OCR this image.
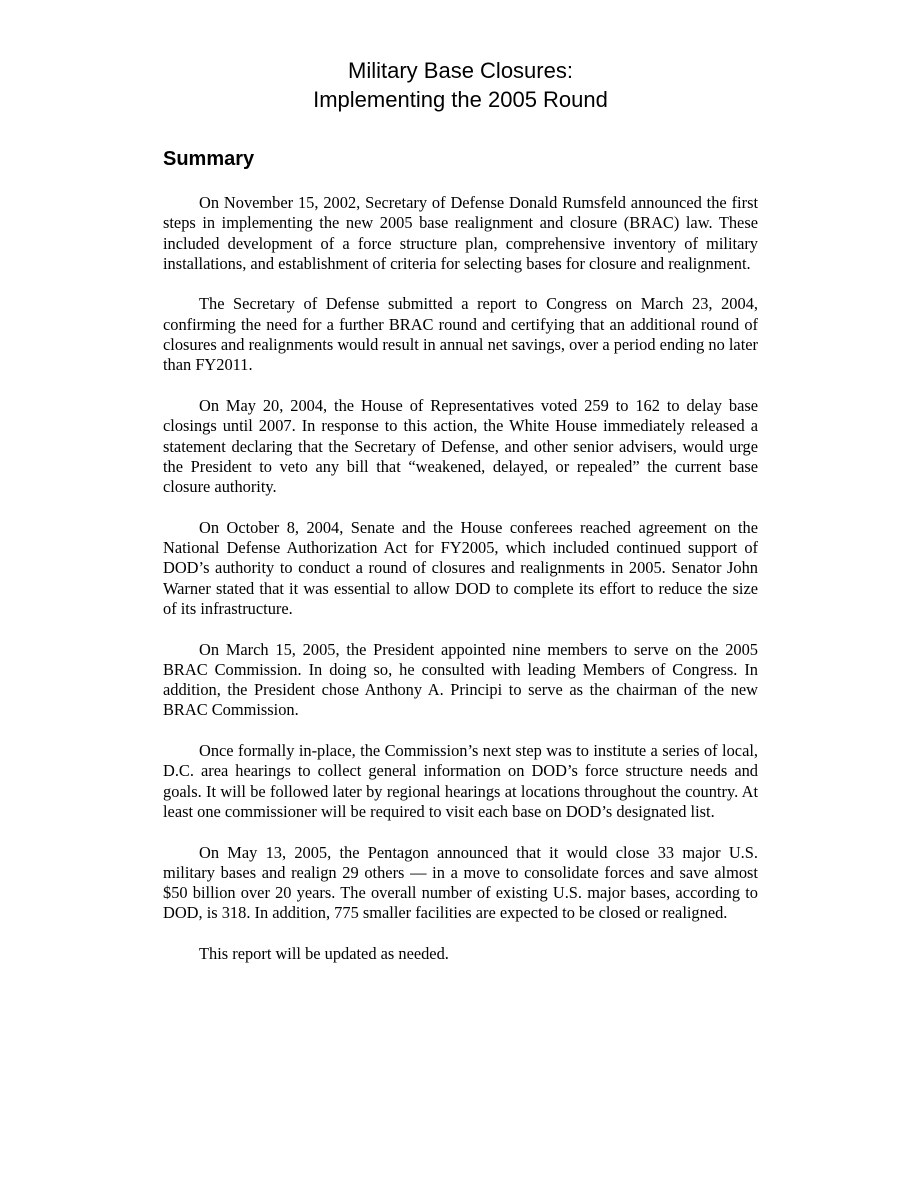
Military Base Closures:
Implementing the 2005 Round
Summary

On November 15, 2002, Secretary of Defense Donald Rumsfeld announced the first steps in implementing the new 2005 base realignment and closure (BRAC) law. These included development of a force structure plan, comprehensive inventory of military installations, and establishment of criteria for selecting bases for closure and realignment.

The Secretary of Defense submitted a report to Congress on March 23, 2004, confirming the need for a further BRAC round and certifying that an additional round of closures and realignments would result in annual net savings, over a period ending no later than FY2011.

On May 20, 2004, the House of Representatives voted 259 to 162 to delay base closings until 2007. In response to this action, the White House immediately released a statement declaring that the Secretary of Defense, and other senior advisers, would urge the President to veto any bill that “weakened, delayed, or repealed” the current base closure authority.

On October 8, 2004, Senate and the House conferees reached agreement on the National Defense Authorization Act for FY2005, which included continued support of DOD’s authority to conduct a round of closures and realignments in 2005. Senator John Warner stated that it was essential to allow DOD to complete its effort to reduce the size of its infrastructure.

On March 15, 2005, the President appointed nine members to serve on the 2005 BRAC Commission. In doing so, he consulted with leading Members of Congress. In addition, the President chose Anthony A. Principi to serve as the chairman of the new BRAC Commission.

Once formally in-place, the Commission’s next step was to institute a series of local, D.C. area hearings to collect general information on DOD’s force structure needs and goals. It will be followed later by regional hearings at locations throughout the country. At least one commissioner will be required to visit each base on DOD’s designated list.

On May 13, 2005, the Pentagon announced that it would close 33 major U.S. military bases and realign 29 others — in a move to consolidate forces and save almost $50 billion over 20 years. The overall number of existing U.S. major bases, according to DOD, is 318. In addition, 775 smaller facilities are expected to be closed or realigned.

This report will be updated as needed.
